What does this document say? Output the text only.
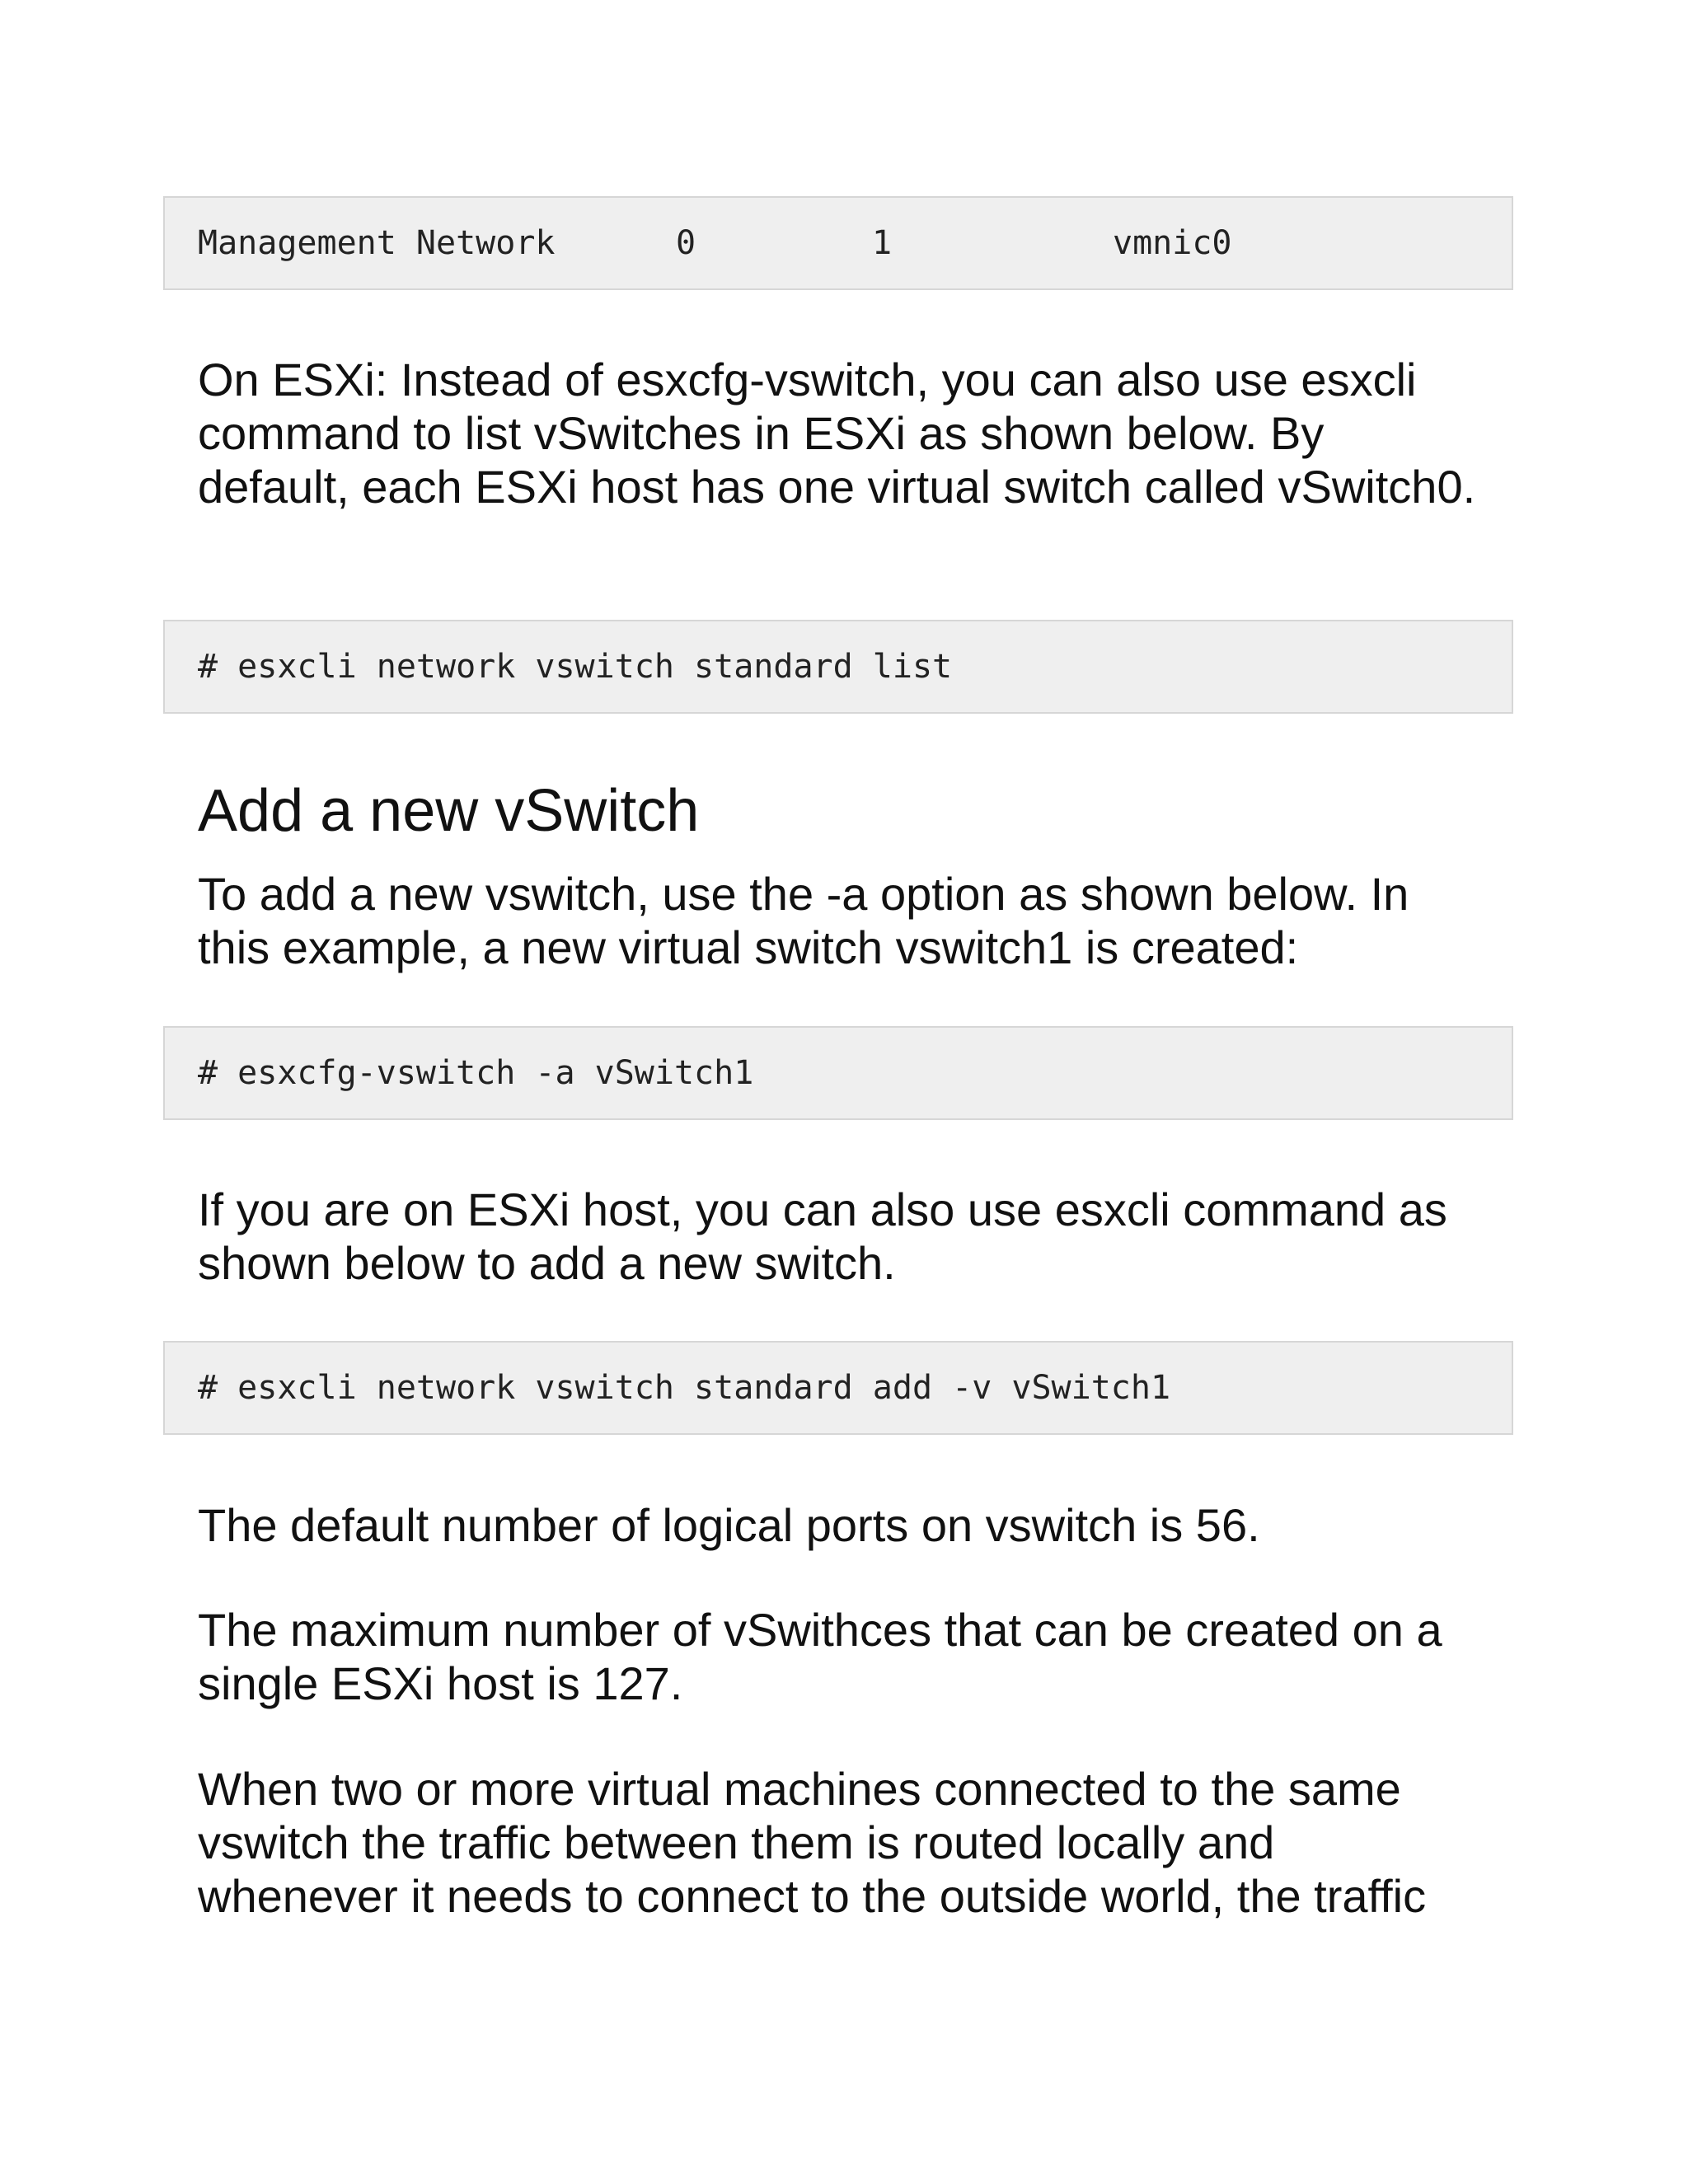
Management Network	0	1	vmnic0

On ESXi: Instead of esxcfg-vswitch, you can also use esxcli command to list vSwitches in ESXi as shown below. By default, each ESXi host has one virtual switch called vSwitch0.

# esxcli network vswitch standard list
Add a new vSwitch

To add a new vswitch, use the -a option as shown below. In this example, a new virtual switch vswitch1 is created:

# esxcfg-vswitch -a vSwitch1

If you are on ESXi host, you can also use esxcli command as shown below to add a new switch.

# esxcli network vswitch standard add -v vSwitch1

The default number of logical ports on vswitch is 56.

The maximum number of vSwithces that can be created on a single ESXi host is 127.

When two or more virtual machines connected to the same vswitch the traffic between them is routed locally and whenever it needs to connect to the outside world, the traffic
